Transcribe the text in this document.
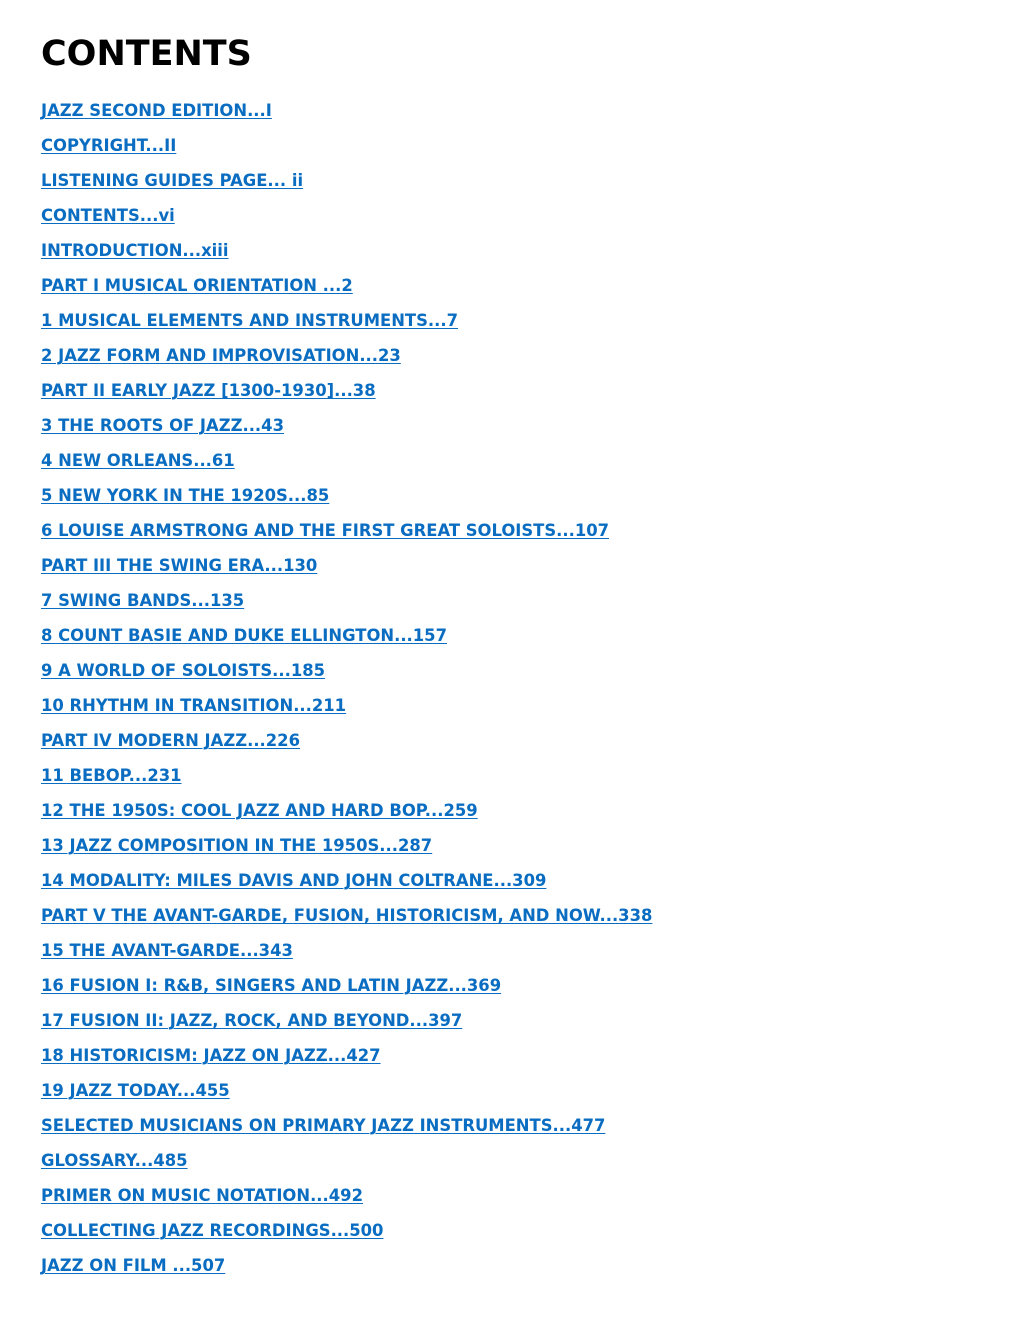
CONTENTS
JAZZ SECOND EDITION...I
COPYRIGHT...II
LISTENING GUIDES PAGE... ii
CONTENTS...vi
INTRODUCTION...xiii
PART I MUSICAL ORIENTATION ...2
1 MUSICAL ELEMENTS AND INSTRUMENTS...7
2 JAZZ FORM AND IMPROVISATION...23
PART II EARLY JAZZ [1300-1930]...38
3 THE ROOTS OF JAZZ...43
4 NEW ORLEANS...61
5 NEW YORK IN THE 1920S...85
6 LOUISE ARMSTRONG AND THE FIRST GREAT SOLOISTS...107
PART III THE SWING ERA...130
7 SWING BANDS...135
8 COUNT BASIE AND DUKE ELLINGTON...157
9 A WORLD OF SOLOISTS...185
10 RHYTHM IN TRANSITION...211
PART IV MODERN JAZZ...226
11 BEBOP...231
12 THE 1950S: COOL JAZZ AND HARD BOP...259
13 JAZZ COMPOSITION IN THE 1950S...287
14 MODALITY: MILES DAVIS AND JOHN COLTRANE...309
PART V THE AVANT-GARDE, FUSION, HISTORICISM, AND NOW...338
15 THE AVANT-GARDE...343
16 FUSION I: R&B, SINGERS AND LATIN JAZZ...369
17 FUSION II: JAZZ, ROCK, AND BEYOND...397
18 HISTORICISM: JAZZ ON JAZZ...427
19 JAZZ TODAY...455
SELECTED MUSICIANS ON PRIMARY JAZZ INSTRUMENTS...477
GLOSSARY...485
PRIMER ON MUSIC NOTATION...492
COLLECTING JAZZ RECORDINGS...500
JAZZ ON FILM ...507
